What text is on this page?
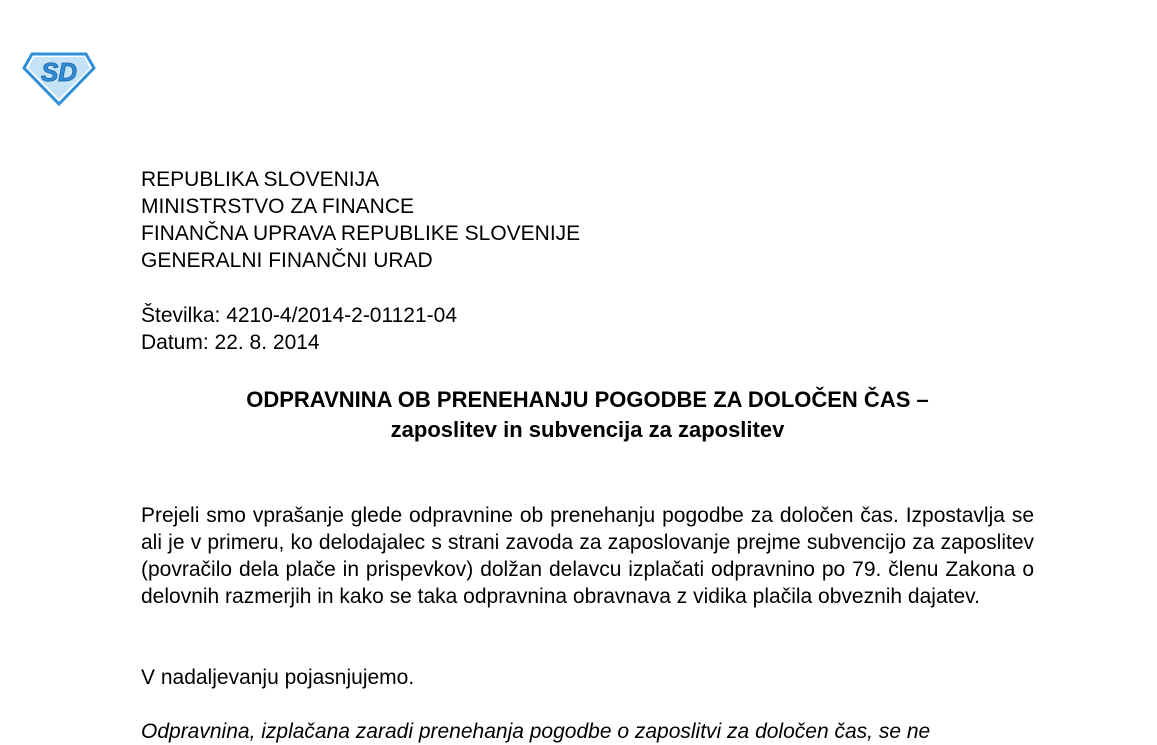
SD
REPUBLIKA SLOVENIJA
MINISTRSTVO ZA FINANCE
FINANČNA UPRAVA REPUBLIKE SLOVENIJE
GENERALNI FINANČNI URAD
Številka: 4210-4/2014-2-01121-04
Datum: 22. 8. 2014
ODPRAVNINA OB PRENEHANJU POGODBE ZA DOLOČEN ČAS –
zaposlitev in subvencija za zaposlitev

Prejeli smo vprašanje glede odpravnine ob prenehanju pogodbe za določen čas. Izpostavlja se ali je v primeru, ko delodajalec s strani zavoda za zaposlovanje prejme subvencijo za zaposlitev (povračilo dela plače in prispevkov) dolžan delavcu izplačati odpravnino po 79. členu Zakona o delovnih razmerjih in kako se taka odpravnina obravnava z vidika plačila obveznih dajatev.

V nadaljevanju pojasnjujemo.

Odpravnina, izplačana zaradi prenehanja pogodbe o zaposlitvi za določen čas, se ne
